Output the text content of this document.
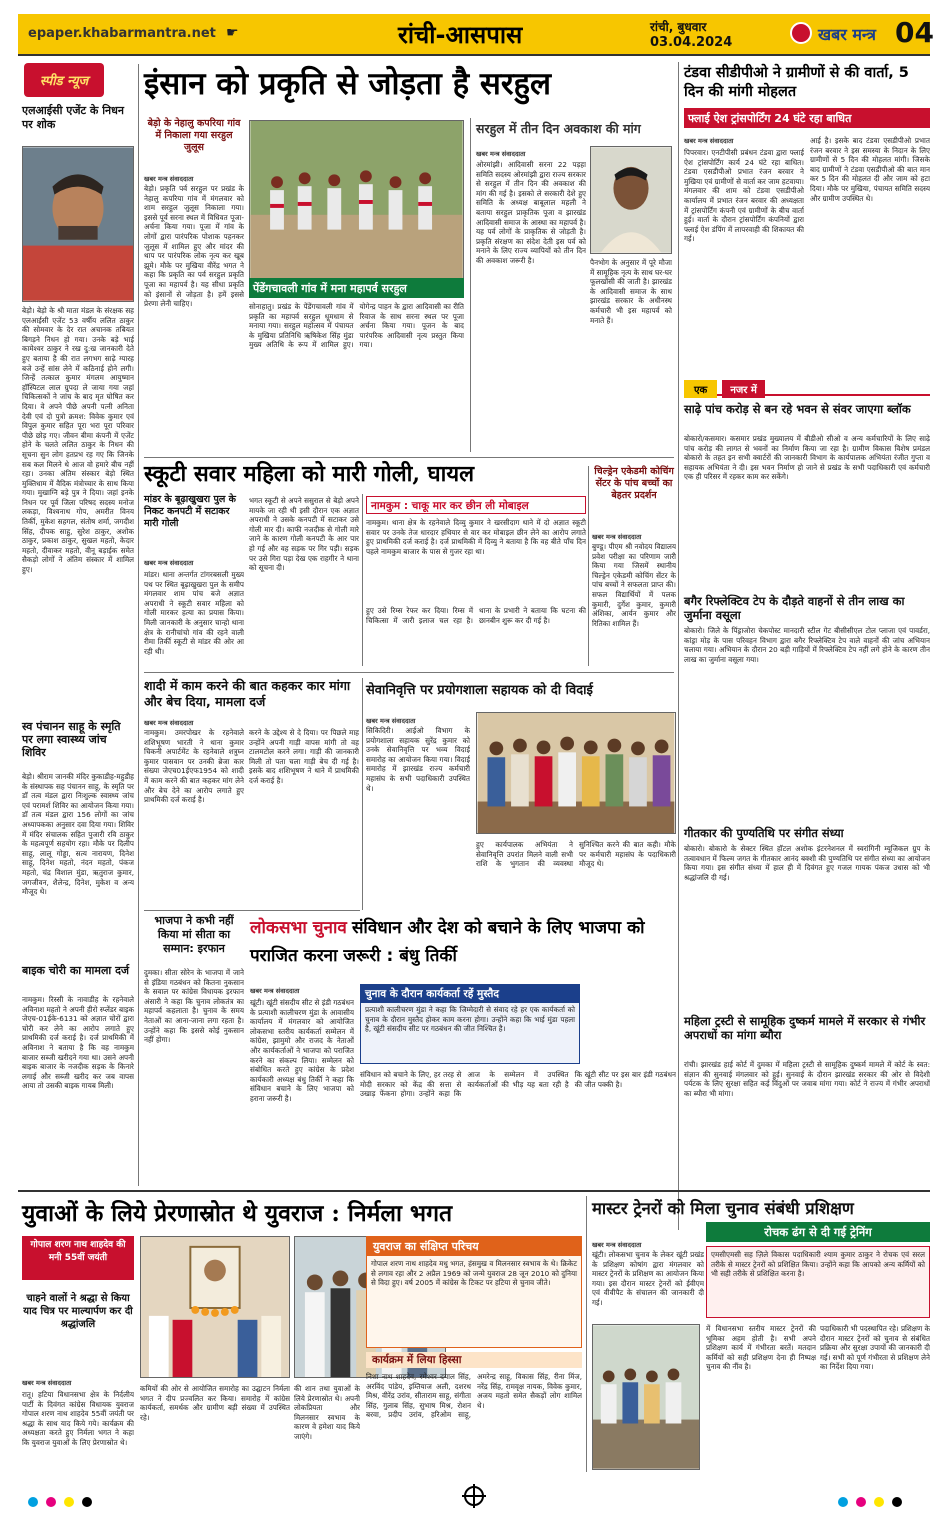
epaper.khabarmantra.net ☛	रांची-आसपास	रांची, बुधवार
03.04.2024	खबर मन्त्र 04
स्पीड न्यूज
एलआईसी एजेंट के निधन पर शोक
बेड़ो। बेड़ो के श्री माता मंडल के संरक्षक सह एलआईसी एजेंट 53 वर्षीय ललित ठाकुर की सोमवार के देर रात अचानक तबियत बिगड़ने निधन हो गया। उनके बड़े भाई कामेश्वर ठाकुर ने रख दु:ख जानकारी देते हुए बताया है की रात लगभग साढ़े ग्यारह बजे उन्हें सांस लेने में कठिनाई होने लगी। जिन्हें तत्काल कुमार मंगलम आयुष्मान हॉस्पिटल लाल ग्रुपदा ले जाया गया जहां चिकित्सकों ने जांच के बाद मृत घोषित कर दिया। वे अपने पीछे अपनी पत्नी अनिता देवी एवं दो पुत्रो क्रमश: विवेक कुमार एवं विपुल कुमार सहित पूरा भरा पूरा परिवार पीछे छोड़ गए। जीवन बीमा कंपनी में एजेंट होने के चलते ललित ठाकुर के निधन की सूचना सुन लोग हतप्रभ रह गए कि जिनके सब कल मिलने थे आज वो हमारे बीच नहीं रहा। उनका अंतिम संस्कार बेड़ो स्थित मुक्तिधाम में वैदिक मंत्रोच्चार के साथ किया गया। मुखाग्नि बड़े पुत्र ने दिया। जहां इनके निधन पर पूर्व जिला परिषद सदस्य मनोज लकड़ा, विश्वनाथ गोप, अमरीत विनय तिर्की, मुकेश सहगल, संतोष शर्मा, जगदीश सिंह, दीपक साहु, सुरेश ठाकुर, अशोक ठाकुर, प्रकाश ठाकुर, सुखल महतो, केदार महतो, दीवाकर महतो, वीनू बड़ाईक समेत सैकड़ो लोगों ने अंतिम संस्कार में शामिल हुए।
स्व पंचानन साहू के स्मृति पर लगा स्वास्थ्य जांच शिविर
बेड़ो। श्रीराम जानकी मंदिर कुकाडीह-महुडीह के संस्थापक सह पंचानन साहू, के स्मृति पर डॉ तत्व मंडल द्वारा निःशुल्क स्वास्थ्य जांच एवं परामर्श शिविर का आयोजन किया गया। डॉ तत्व मंडल द्वारा 156 लोगों का जांच अध्यापकका अनुसार दवा दिया गया। शिविर में मंदिर संचालक सहित पुजारी रवि ठाकुर के महत्वपूर्ण सहयोग रहा। मौके पर दिलीप साहू, लालू गोड्डा, सत्य नारायण, दिनेश साहू, दिनेश महतो, नंदन महतो, पंकज महतो, चंद्र विशाल मुंडा, ऋतुराज कुमार, जगजीवन, शैलेन्द्र, दिनेश, मुकेश व अन्य मौजूद थे।
बाइक चोरी का मामला दर्ज
नामकुम। रिस्सी के नावाडीह के रहनेवाले अविनाश महतो ने अपनी हीरो स्प्लेंडर बाइक जेएच-01ईके-6131 को अज्ञात चोरों द्वारा चोरी कर लेने का आरोप लगाते हुए प्राथमिकी दर्ज कराई है। दर्ज प्राथमिकी में अविनाश ने बताया है कि वह नामकुम बाजार सब्जी खरीदने गया था। उसने अपनी बाइक बाजार के नजदीक सड़क के किनारे लगाई और सब्जी खरीद कर जब वापस आया तो उसकी बाइक गायब मिली।
इंसान को प्रकृति से जोड़ता है सरहुल
बेड़ो के नेहालु कपरिया गांव में निकाला गया सरहुल जुलूस
खबर मन्त्र संवाददाता
बेड़ो। प्रकृति पर्व सरहुल पर प्रखंड के नेहालु कपरिया गांव में मंगलवार को शाम सरहुल जुलूस निकाला गया। इससे पूर्व सरना स्थल में विधिवत पूजा-अर्चना किया गया। पूजा में गांव के लोगों द्वारा पारंपरिक पोशाक पहनकर जुलूस में शामिल हुए और मांदर की थाप पर पारंपरिक लोक नृत्य कर खूब झूमे। मौके पर मुखिया वीरेंद्र भगत ने कहा कि प्रकृति का पर्व सरहुल प्रकृति पूजा का महापर्व है। यह सीधा प्रकृति को इंसानों से जोड़ता है। हमें इससे प्रेरणा लेनी चाहिए।
पेंडेंगचावली गांव में मना महापर्व सरहुल
सोनाहातु। प्रखंड के पेंडेंगचावली गांव में प्रकृति का महापर्व सरहुल धूमधाम से मनाया गया। सरहुल महोत्सव में पंचायत के मुखिया प्रतिनिधि ऋषिकेश सिंह मुंडा मुख्य अतिथि के रूप में शामिल हुए। योगेन्द्र पाहन के द्वारा आदिवासी का रीति रिवाज के साथ सरना स्थल पर पूजा अर्चना किया गया। पूजन के बाद पारंपरिक आदिवासी नृत्य प्रस्तुत किया गया।
सरहुल में तीन दिन अवकाश की मांग
खबर मन्त्र संवाददाता
ओरमांझी। आदिवासी सरना 22 पड़हा समिति सदस्य ओरमांझी द्वारा राज्य सरकार से सरहुल में तीन दिन की अवकाश की मांग की गई है। इसको ले सरकारी देशे हुए समिति के अध्यक्ष बाबूलाल महली ने बताया सरहुल प्राकृतिक पूजा व झारखंड आदिवासी समाज के आस्था का महापर्व है। यह पर्व लोगों के प्राकृतिक से जोड़ती है। प्रकृति संरक्षण का संदेश देती इस पर्व को मनाने के लिए राज्य व्यापियों को तीन दिन की अवकाश जरूरी है।	पैनभोग के अनुसार में पूरे मौजा में सामूहिक नृत्य के साथ घर-घर फूलखोंसी की जाती है। झारखंड के आदिवासी समाज के साथ झारखंड सरकार के अधीनस्थ कर्मचारी भी इस महापर्व को मनाते हैं।
टंडवा सीडीपीओ ने ग्रामीणों से की वार्ता, 5 दिन की मांगी मोहलत
फ्लाई ऐश ट्रांसपोर्टिंग 24 घंटे रहा बाधित
खबर मन्त्र संवाददाता
पिपरवार। एनटीपीसी प्रबंधन टंडवा द्वारा फ्लाई ऐश ट्रांसपोर्टिंग कार्य 24 घंटे रहा बाधित। टंडवा एसडीपीओ प्रभात रंजन बरवार ने मुखिया एवं ग्रामीणों से वार्ता कर जाम हटवाया। मंगलवार की शाम को टंडवा एसडीपीओ कार्यालय में प्रभात रंजन बरवार की अध्यक्षता में ट्रांसपोर्टिंग कंपनी एवं ग्रामीणों के बीच वार्ता हुई। वार्ता के दौरान ट्रांसपोर्टिंग कंपनियों द्वारा फ्लाई ऐश डंपिंग में लापरवाही की शिकायत की गई।
आई है। इसके बाद टंडवा एसडीपीओ प्रभात रंजन बरवार ने इस समस्या के निदान के लिए ग्रामीणों से 5 दिन की मोहलत मांगी। जिसके बाद ग्रामीणों ने टंडवा एसडीपीओ की बात मान कर 5 दिन की मोहलत दी और जाम को हटा दिया। मौके पर मुखिया, पंचायत समिति सदस्य और ग्रामीण उपस्थित थे।
एक नजर में
साढ़े पांच करोड़ से बन रहे भवन से संवर जाएगा ब्लॉक
बोकारो/कसमार। कसमार प्रखंड मुख्यालय में बीडीओ सीओ व अन्य कर्मचारियों के लिए साढ़े पांच करोड़ की लागत से भवनों का निर्माण किया जा रहा है। ग्रामीण विकास विशेष प्रमंडल बोकारो के तहत इन सभी क्वार्टरों की जानकारी विभाग के कार्यपालक अभियंता रंजीत गुप्ता व सहायक अभियंता ने दी। इस भवन निर्माण हो जाने से प्रखंड के सभी पदाधिकारी एवं कर्मचारी एक ही परिसर में रहकर काम कर सकेंगे।
बगैर रिफ्लेक्टिव टेप के दौड़ते वाहनों से तीन लाख का जुर्माना वसूला
बोकारो। जिले के पिंड्राजोरा चेकपोस्ट मानदारी स्टील गेट बीसीसीएल टोल प्लाजा एवं पावर्डरा, कांड्रा मोड़ के पास परिवहन विभाग द्वारा बगैर रिफ्लेक्टिव टेप वाले वाहनों की जांच अभियान चलाया गया। अभियान के दौरान 20 बड़ी गाड़ियों में रिफ्लेक्टिव टेप नहीं लगे होने के कारण तीन लाख का जुर्माना वसूला गया।
गीतकार की पुण्यतिथि पर संगीत संध्या
बोकारो। बोकारो के सेक्टर स्थित हॉटल अशोक इंटरनेशनल में स्वरांगिनी म्यूजिकल ग्रुप के तत्वावधान में फिल्म जगत के गीतकार आनंद बक्शी की पुण्यतिथि पर संगीत संध्या का आयोजन किया गया। इस संगीत संध्या में हाल ही में दिवंगत हुए गजल गायक पंकज उधास को भी श्रद्धांजलि दी गई।
महिला ट्रस्टी से सामूहिक दुष्कर्म मामले में सरकार से गंभीर अपराधों का मांगा ब्यौरा
रांची। झारखंड हाई कोर्ट में दुमका में महिला ट्रस्टी से सामूहिक दुष्कर्म मामले में कोर्ट के स्वत: संज्ञान की सुनवाई मंगलवार को हुई। सुनवाई के दौरान झारखंड सरकार की ओर से विदेशी पर्यटक के लिए सुरक्षा सहित कई विंदुओं पर जवाब मांगा गया। कोर्ट ने राज्य में गंभीर अपराधों का ब्यौरा भी मांगा।
स्कूटी सवार महिला को मारी गोली, घायल
मांडर के बूढ़ाखुखरा पुल के निकट कनपटी में सटाकर मारी गोली
खबर मन्त्र संवाददाता
मांडर। थाना अन्तर्गत टांगरबसली मुख्य पथ पर स्थित बूढ़ाखुखरा पुल के समीप मंगलवार शाम पांच बजे अज्ञात अपराधी ने स्कूटी सवार महिला को गोली मारकर हत्या का प्रयास किया। मिली जानकारी के अनुसार चान्हो थाना क्षेत्र के रानीचांचो गांव की रहने वाली रीमा तिर्की स्कूटी से मांडर की ओर आ रही थी।
भगत स्कूटी से अपने ससुराल से बेड़ो अपने मायके जा रही थी इसी दौरान एक अज्ञात अपराधी ने उसके कनपटी में सटाकर उसे गोली मार दी। काफी नजदीक से गोली मारे जाने के कारण गोली कनपटी के आर पार हो गई और वह सड़क पर गिर पड़ी। सड़क पर उसे गिरा पड़ा देख एक राहगीर ने थाना को सूचना दी।
नामकुम : चाकू मार कर छीन ली मोबाइल
नामकुम। थाना क्षेत्र के रहनेवाले दिव्यु कुमार ने खरसीदाग थाने में दो अज्ञात स्कूटी सवार पर उनके तेज धारदार हथियार से वार कर मोबाइल छीन लेने का आरोप लगाते हुए प्राथमिकी दर्ज कराई है। दर्ज प्राथमिकी में दिव्यु ने बताया है कि वह बीते पाँच दिन पहले नामकुम बाजार के पास से गुजर रहा था।
हुए उसे रिम्स रेफर कर दिया। रिम्स में चिकित्सा में जारी इलाज चल रहा है। थाना के प्रभारी ने बताया कि घटना की छानबीन शुरू कर दी गई है।
चिल्ड्रेन एकेडमी कोचिंग सेंटर के पांच बच्चों का बेहतर प्रदर्शन
खबर मन्त्र संवाददाता
बुण्डू। पीएम श्री नवोदय विद्यालय प्रवेश परीक्षा का परिणाम जारी किया गया जिसमें स्थानीय चिल्ड्रेन एकेडमी कोचिंग सेंटर के पांच बच्चों ने सफलता प्राप्त की। सफल विद्यार्थियों में पलक कुमारी, दुर्गेश कुमार, कुमारी अंशिका, आर्यन कुमार और रितिका शामिल हैं।
शादी में काम करने की बात कहकर कार मांगा और बेच दिया, मामला दर्ज
खबर मन्त्र संवाददाता
नामकुम। उमरपोखर के रहनेवाले शशिभूषण भारती ने थाना कुमार चिकनी अपार्टमेंट के रहनेवाले शत्रुघ्न कुमार पासवान पर उनकी ब्रेजा कार संख्या जेएच01ईएफ1954 को शादी में काम करने की बात कहकर मांग लेने और बेच देने का आरोप लगाते हुए प्राथमिकी दर्ज कराई है।
करने के उद्देश्य से दे दिया। पर पिछले माह उन्होंने अपनी गाड़ी वापस मांगी तो वह टालमटोल करने लगा। गाड़ी की जानकारी मिली तो पता चला गाड़ी बेच दी गई है। इसके बाद शशिभूषण ने थाने में प्राथमिकी दर्ज कराई है।
सेवानिवृत्ति पर प्रयोगशाला सहायक को दी विदाई
खबर मन्त्र संवाददाता
सिकिदिरी। आईओ विभाग के प्रयोगशाला सहायक सुरेंद्र कुमार को उनके सेवानिवृत्ति पर भव्य विदाई समारोह का आयोजन किया गया। विदाई समारोह में झारखंड राज्य कर्मचारी महासंघ के सभी पदाधिकारी उपस्थित थे।
हुए कार्यपालक अभियंता ने सेवानिवृत्ति उपरांत मिलने वाली सभी राशि के भुगतान की व्यवस्था सुनिश्चित करने की बात कही। मौके पर कर्मचारी महासंघ के पदाधिकारी मौजूद थे।
भाजपा ने कभी नहीं किया मां सीता का सम्मान: इरफान
दुमका। सीता सोरेन के भाजपा में जाने से इंडिया गठबंधन को कितना नुकसान के सवाल पर कांग्रेस विधायक इरफान अंसारी ने कहा कि चुनाव लोकतंत्र का महापर्व कहलाता है। चुनाव के समय नेताओं का आना-जाना लगा रहता है। उन्होंने कहा कि इससे कोई नुकसान नहीं होगा।
लोकसभा चुनाव संविधान और देश को बचाने के लिए भाजपा को पराजित करना जरूरी : बंधु तिर्की
खबर मन्त्र संवाददाता
खूंटी। खूंटी संसदीय सीट से इंडी गठबंधन के प्रत्याशी कालीचरण मुंडा के आवासीय कार्यालय में मंगलवार को आयोजित लोकसभा स्तरीय कार्यकर्ता सम्मेलन में कांग्रेस, झामुमो और राजद के नेताओं और कार्यकर्ताओं ने भाजपा को पराजित करने का संकल्प लिया। सम्मेलन को संबोधित करते हुए कांग्रेस के प्रदेश कार्यकारी अध्यक्ष बंधु तिर्की ने कहा कि संविधान बचाने के लिए भाजपा को हराना जरूरी है।
चुनाव के दौरान कार्यकर्ता रहें मुस्तैद
प्रत्याशी कालीचरण मुंडा ने कहा कि जिम्मेदारी से संवाद रहे हर एक कार्यकर्ता को चुनाव के दौरान मुस्तैद होकर काम करना होगा। उन्होंने कहा कि भाई मुंडा पहला है, खूंटी संसदीय सीट पर गठबंधन की जीत निश्चित है।
संविधान को बचाने के लिए, हर तरह से मोदी सरकार को केंद्र की सत्ता से उखाड़ फेंकना होगा। उन्होंने कहा कि आज के सम्मेलन में उपस्थित कार्यकर्ताओं की भीड़ यह बता रही है कि खूंटी सीट पर इस बार इंडी गठबंधन की जीत पक्की है।
युवाओं के लिये प्रेरणास्रोत थे युवराज : निर्मला भगत
गोपाल शरण नाथ शाहदेव की मनी 55वीं जयंती
चाहने वालों ने श्रद्धा से किया याद चित्र पर माल्यार्पण कर दी श्रद्धांजलि
खबर मन्त्र संवाददाता
रातू। हटिया विधानसभा क्षेत्र के निर्दलीय पार्टी के दिवंगत कांग्रेस विधायक युवराज गोपाल शरण नाथ शाहदेव 55वीं जयंती पर श्रद्धा के साथ याद किये गये। कार्यक्रम की अध्यक्षता करते हुए निर्मला भगत ने कहा कि युवराज युवाओं के लिए प्रेरणास्रोत थे।
कमियों की ओर से आयोजित समारोह का उद्घाटन निर्मला भगत ने दीप प्रज्वलित कर किया। समारोह में कांग्रेस कार्यकर्ता, समर्थक और ग्रामीण बड़ी संख्या में उपस्थित रहे।
की शान तथा युवाओं के लिये प्रेरणास्रोत थे। अपनी लोकप्रियता और मिलनसार स्वभाव के कारण वे हमेशा याद किये जाएंगे।
युवराज का संक्षिप्त परिचय
गोपाल शरण नाथ शाहदेव मधु भगत, हंसमुख व मिलनसार स्वभाव के थे। क्रिकेट से लगाव रहा और 2 अप्रैल 1969 को जन्मे युवराज 28 जून 2010 को दुनिया से विदा हुए। वर्ष 2005 में कांग्रेस के टिकट पर हटिया से चुनाव जीते।
कार्यक्रम में लिया हिस्सा
निशा नाथ शाहदेव, रमेश्वर दयाल सिंह, अरविंद पांडेय, इम्तियाज अली, दशरथ मिश्र, वीरेंद्र उरांव, सीताराम साहू, संगीता सिंह, गुलाब सिंह, सुभाष मिश्र, रोशन बरवा, प्रदीप उरांव, हरिओम साहू, अमरेन्द्र साहू, विकास सिंह, रीना मिंज, नरेंद्र सिंह, रामवृक्ष नायक, विवेक कुमार, अजय महतो समेत सैकड़ों लोग शामिल थे।
मास्टर ट्रेनरों को मिला चुनाव संबंधी प्रशिक्षण
खबर मन्त्र संवाददाता
खूंटी। लोकसभा चुनाव के लेकर खूंटी प्रखंड के प्रशिक्षण कोषांग द्वारा मंगलवार को मास्टर ट्रेनरों के प्रशिक्षण का आयोजन किया गया। इस दौरान मास्टर ट्रेनरों को ईवीएम एवं वीवीपैट के संचालन की जानकारी दी गई।
रोचक ढंग से दी गई ट्रेनिंग
एमसीएमसी सह ज़िले विकास पदाधिकारी श्याम कुमार ठाकुर ने रोचक एवं सरल तरीके से मास्टर ट्रेनरों को प्रशिक्षित किया। उन्होंने कहा कि आपको अन्य कर्मियों को भी सही तरीके से प्रशिक्षित करना है।
में विधानसभा स्तरीय मास्टर ट्रेनरों की भूमिका अहम होती है। सभी अपने प्रशिक्षण कार्य में गंभीरता बरतें। मतदान कर्मियों को सही प्रशिक्षण देना ही निष्पक्ष चुनाव की नींव है।
पदाधिकारी भी पदस्थापित रहे। प्रशिक्षण के दौरान मास्टर ट्रेनरों को चुनाव से संबंधित प्रक्रिया और सुरक्षा उपायों की जानकारी दी गई। सभी को पूर्ण गंभीरता से प्रशिक्षण लेने का निर्देश दिया गया।
